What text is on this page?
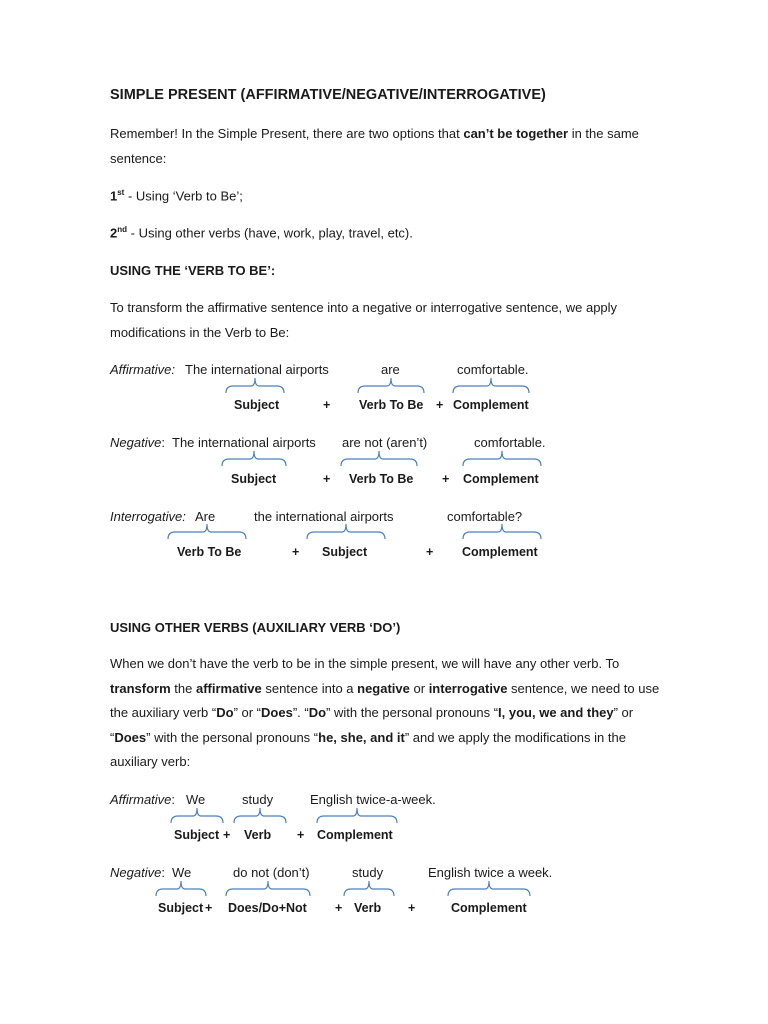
SIMPLE PRESENT (AFFIRMATIVE/NEGATIVE/INTERROGATIVE)
Remember! In the Simple Present, there are two options that can’t be together in the same sentence:
1st - Using ‘Verb to Be’;
2nd - Using other verbs (have, work, play, travel, etc).
USING THE ‘VERB TO BE’:
To transform the affirmative sentence into a negative or interrogative sentence, we apply modifications in the Verb to Be:
Affirmative: The international airports	are	comfortable.
Subject	+ Verb To Be + Complement
Negative: The international airports are not (aren’t)	comfortable.
Subject	+ Verb To Be + Complement
Interrogative: Are	the international airports	comfortable?
Verb To Be	+ Subject	+ Complement
USING OTHER VERBS (AUXILIARY VERB ‘DO’)
When we don’t have the verb to be in the simple present, we will have any other verb. To transform the affirmative sentence into a negative or interrogative sentence, we need to use the auxiliary verb “Do” or “Does”. “Do” with the personal pronouns “I, you, we and they” or “Does” with the personal pronouns “he, she, and it” and we apply the modifications in the auxiliary verb:
Affirmative: We	study	English twice-a-week.
Subject + Verb + Complement
Negative: We	do not (don’t)	study	English twice a week.
Subject + Does/Do+Not + Verb +	Complement
